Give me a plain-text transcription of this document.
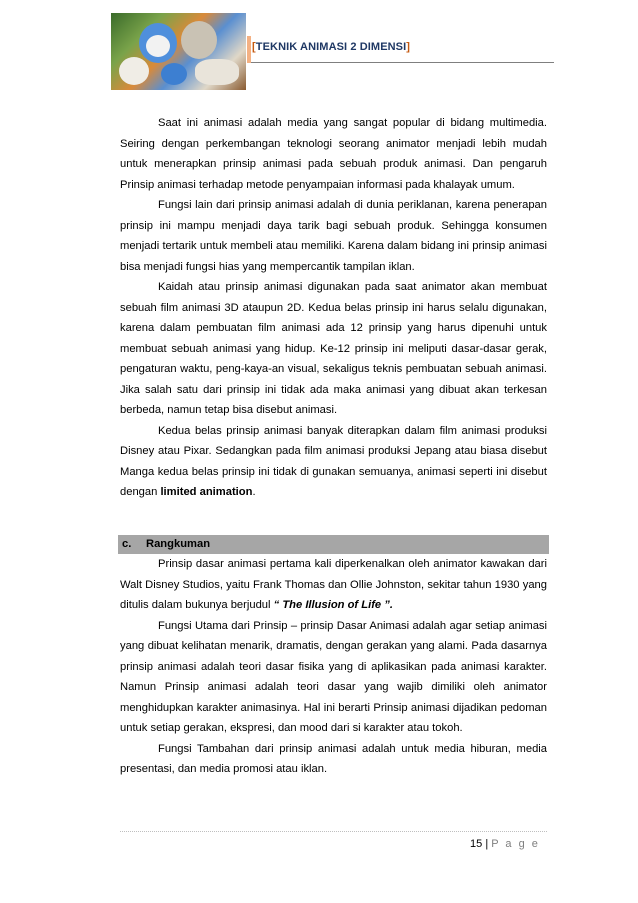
[TEKNIK ANIMASI 2 DIMENSI]

Saat ini animasi adalah media yang sangat popular di bidang multimedia. Seiring dengan perkembangan teknologi seorang animator menjadi lebih mudah untuk menerapkan prinsip animasi pada sebuah produk animasi. Dan pengaruh Prinsip animasi terhadap metode penyampaian informasi pada khalayak umum.

Fungsi lain dari prinsip animasi adalah di dunia periklanan, karena penerapan prinsip ini mampu menjadi daya tarik bagi sebuah produk. Sehingga konsumen menjadi tertarik untuk membeli atau memiliki. Karena dalam bidang ini prinsip animasi bisa menjadi fungsi hias yang mempercantik tampilan iklan.

Kaidah atau prinsip animasi digunakan pada saat animator akan membuat sebuah film animasi 3D ataupun 2D. Kedua belas prinsip ini harus selalu digunakan, karena dalam pembuatan film animasi ada 12 prinsip yang harus dipenuhi untuk membuat sebuah animasi yang hidup. Ke-12 prinsip ini meliputi dasar-dasar gerak, pengaturan waktu, peng-kaya-an visual, sekaligus teknis pembuatan sebuah animasi. Jika salah satu dari prinsip ini tidak ada maka animasi yang dibuat akan terkesan berbeda, namun tetap bisa disebut animasi.

Kedua belas prinsip animasi banyak diterapkan dalam film animasi produksi Disney atau Pixar. Sedangkan pada film animasi produksi Jepang atau biasa disebut Manga kedua belas prinsip ini tidak di gunakan semuanya, animasi seperti ini disebut dengan limited animation.

c. Rangkuman

Prinsip dasar animasi pertama kali diperkenalkan oleh animator kawakan dari Walt Disney Studios, yaitu Frank Thomas dan Ollie Johnston, sekitar tahun 1930 yang ditulis dalam bukunya berjudul “ The Illusion of Life ”.

Fungsi Utama dari Prinsip – prinsip Dasar Animasi adalah agar setiap animasi yang dibuat kelihatan menarik, dramatis, dengan gerakan yang alami. Pada dasarnya prinsip animasi adalah teori dasar fisika yang di aplikasikan pada animasi karakter. Namun Prinsip animasi adalah teori dasar yang wajib dimiliki oleh animator menghidupkan karakter animasinya. Hal ini berarti Prinsip animasi dijadikan pedoman untuk setiap gerakan, ekspresi, dan mood dari si karakter atau tokoh.

Fungsi Tambahan dari prinsip animasi adalah untuk media hiburan, media presentasi, dan media promosi atau iklan.

15 | P a g e
